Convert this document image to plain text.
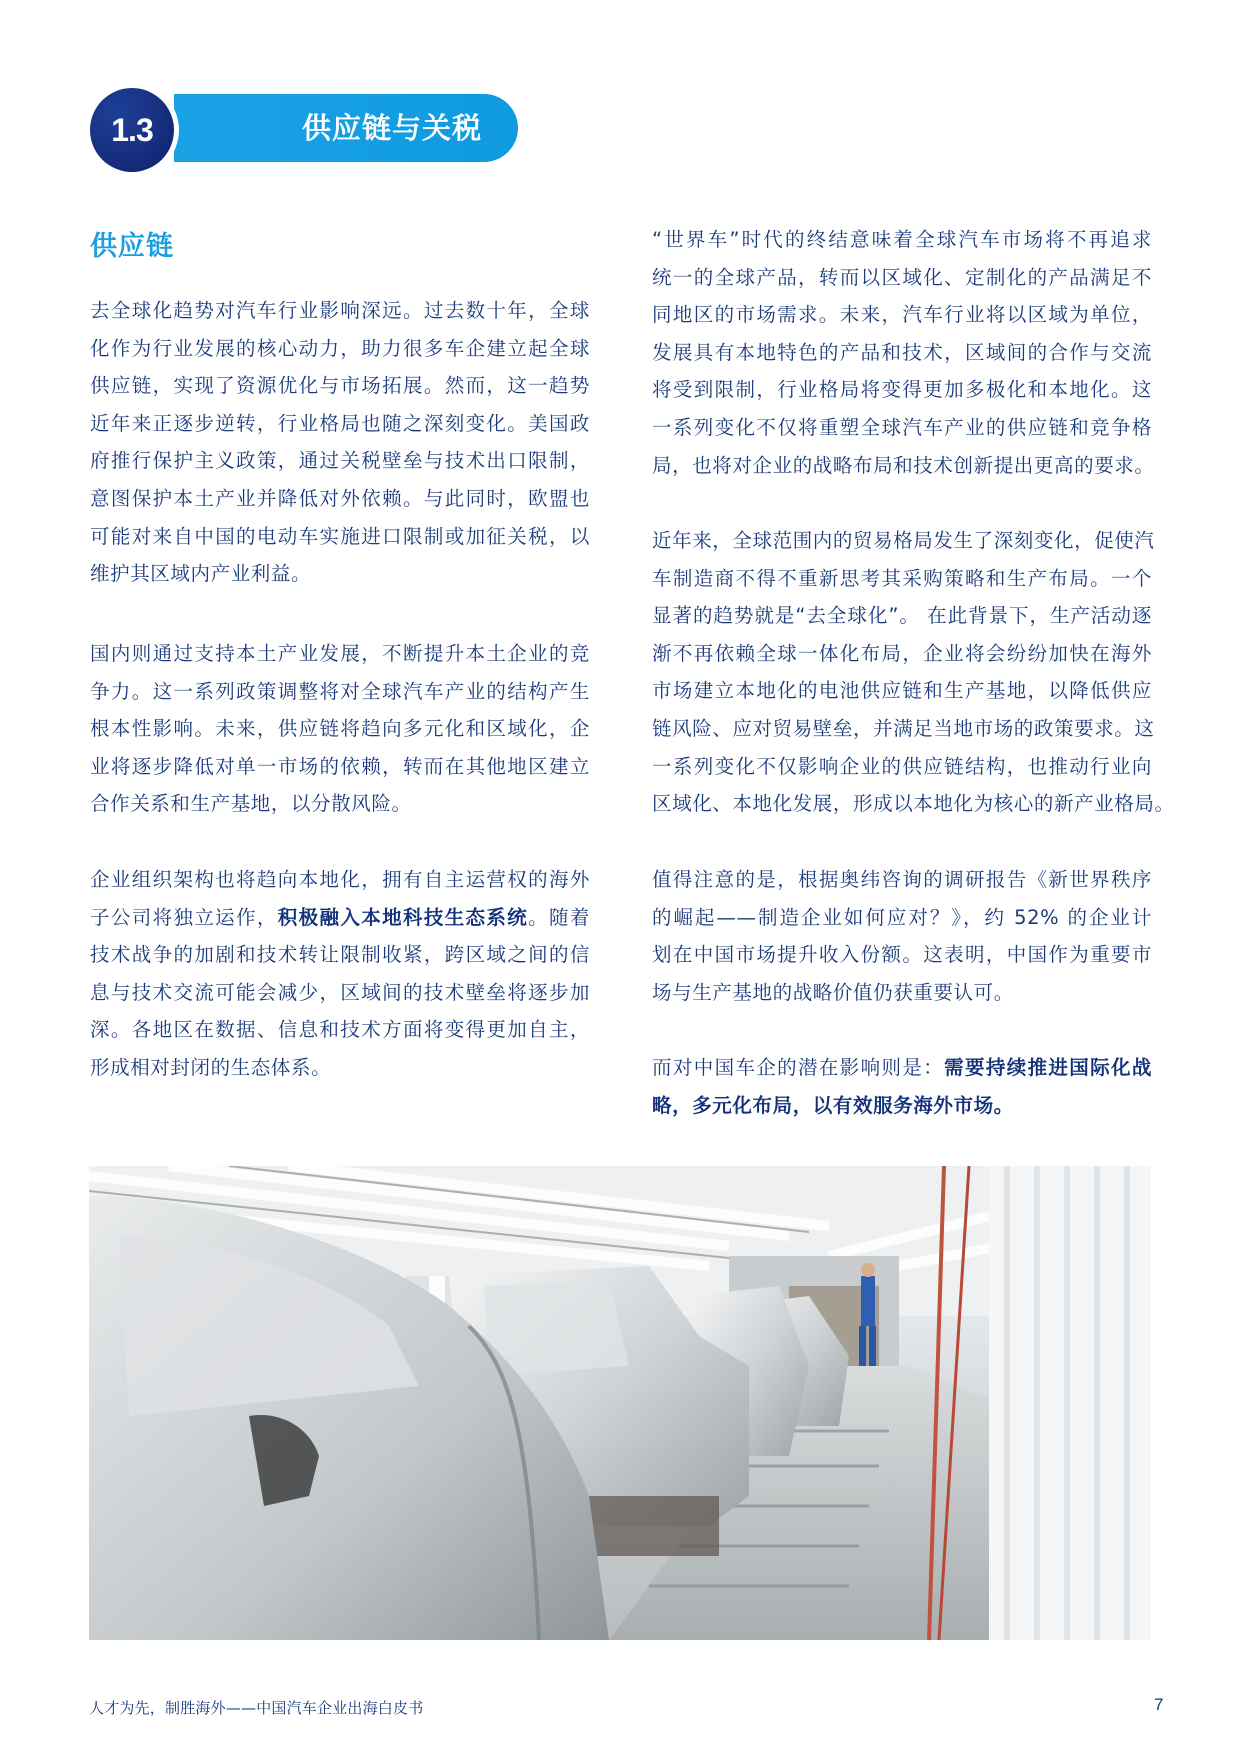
供应链与关税
1.3
供应链
去全球化趋势对汽车行业影响深远。过去数十年，全球
化作为行业发展的核心动力，助力很多车企建立起全球
供应链，实现了资源优化与市场拓展。然而，这一趋势
近年来正逐步逆转，行业格局也随之深刻变化。美国政
府推行保护主义政策，通过关税壁垒与技术出口限制，
意图保护本土产业并降低对外依赖。与此同时，欧盟也
可能对来自中国的电动车实施进口限制或加征关税，以
维护其区域内产业利益。
国内则通过支持本土产业发展，不断提升本土企业的竞
争力。这一系列政策调整将对全球汽车产业的结构产生
根本性影响。未来，供应链将趋向多元化和区域化，企
业将逐步降低对单一市场的依赖，转而在其他地区建立
合作关系和生产基地，以分散风险。
企业组织架构也将趋向本地化，拥有自主运营权的海外
子公司将独立运作，积极融入本地科技生态系统。随着
技术战争的加剧和技术转让限制收紧，跨区域之间的信
息与技术交流可能会减少，区域间的技术壁垒将逐步加
深。各地区在数据、信息和技术方面将变得更加自主，
形成相对封闭的生态体系。
“世界车”时代的终结意味着全球汽车市场将不再追求
统一的全球产品，转而以区域化、定制化的产品满足不
同地区的市场需求。未来，汽车行业将以区域为单位，
发展具有本地特色的产品和技术，区域间的合作与交流
将受到限制，行业格局将变得更加多极化和本地化。这
一系列变化不仅将重塑全球汽车产业的供应链和竞争格
局，也将对企业的战略布局和技术创新提出更高的要求。
近年来，全球范围内的贸易格局发生了深刻变化，促使汽
车制造商不得不重新思考其采购策略和生产布局。一个
显著的趋势就是“去全球化”。 在此背景下，生产活动逐
渐不再依赖全球一体化布局，企业将会纷纷加快在海外
市场建立本地化的电池供应链和生产基地，以降低供应
链风险、应对贸易壁垒，并满足当地市场的政策要求。这
一系列变化不仅影响企业的供应链结构，也推动行业向
区域化、本地化发展，形成以本地化为核心的新产业格局。
值得注意的是，根据奥纬咨询的调研报告《新世界秩序
的崛起——制造企业如何应对？》，约 52% 的企业计
划在中国市场提升收入份额。这表明，中国作为重要市
场与生产基地的战略价值仍获重要认可。
而对中国车企的潜在影响则是：需要持续推进国际化战
略，多元化布局，以有效服务海外市场。
人才为先，制胜海外——中国汽车企业出海白皮书	7
